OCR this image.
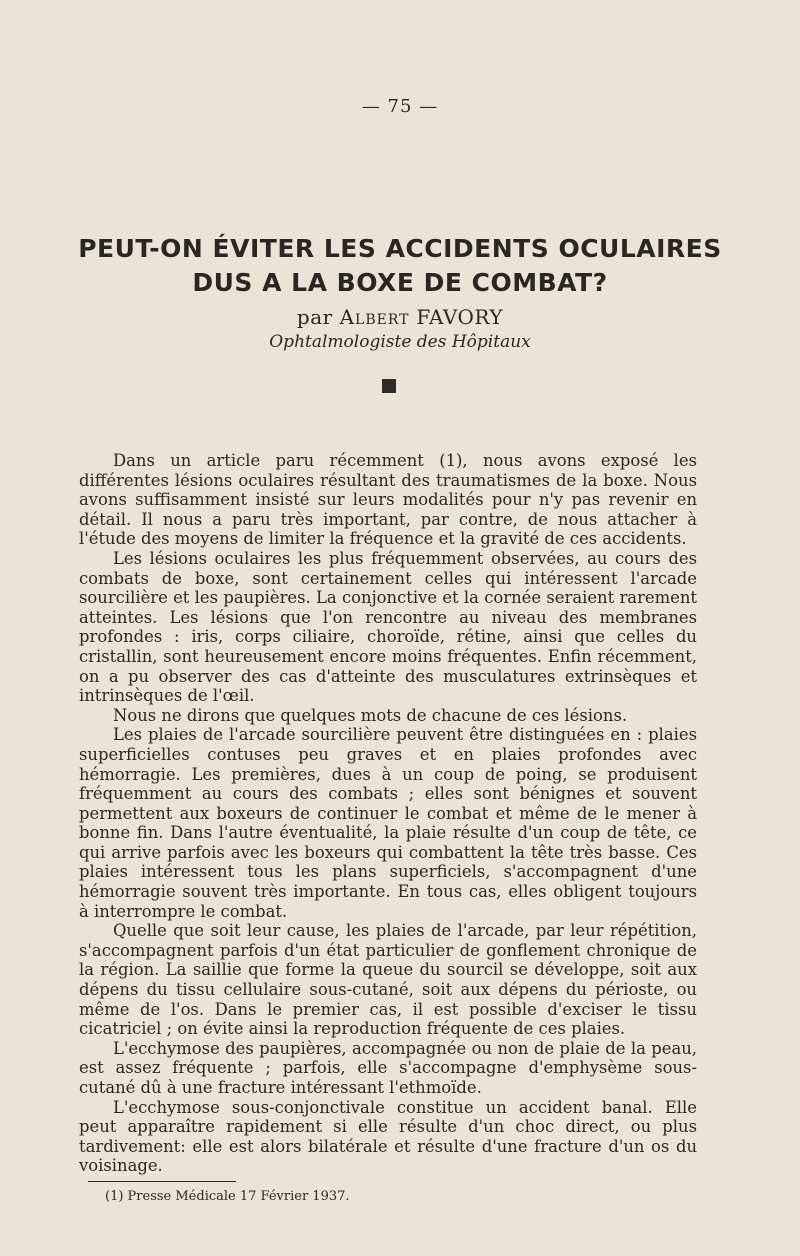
— 75 —
PEUT-ON ÉVITER LES ACCIDENTS OCULAIRES
DUS A LA BOXE DE COMBAT?
par Albert FAVORY
Ophtalmologiste des Hôpitaux

Dans un article paru récemment (1), nous avons exposé les différentes lésions oculaires résultant des traumatismes de la boxe. Nous avons suffisamment insisté sur leurs modalités pour n'y pas revenir en détail. Il nous a paru très important, par contre, de nous attacher à l'étude des moyens de limiter la fréquence et la gravité de ces accidents.

Les lésions oculaires les plus fréquemment observées, au cours des combats de boxe, sont certainement celles qui intéressent l'arcade sourcilière et les paupières. La conjonctive et la cornée seraient rarement atteintes. Les lésions que l'on rencontre au niveau des membranes profondes : iris, corps ciliaire, choroïde, rétine, ainsi que celles du cristallin, sont heureusement encore moins fréquentes. Enfin récemment, on a pu observer des cas d'atteinte des musculatures extrinsèques et intrinsèques de l'œil.

Nous ne dirons que quelques mots de chacune de ces lésions.

Les plaies de l'arcade sourcilière peuvent être distinguées en : plaies superficielles contuses peu graves et en plaies profondes avec hémorragie. Les premières, dues à un coup de poing, se produisent fréquemment au cours des combats ; elles sont bénignes et souvent permettent aux boxeurs de continuer le combat et même de le mener à bonne fin. Dans l'autre éventualité, la plaie résulte d'un coup de tête, ce qui arrive parfois avec les boxeurs qui combattent la tête très basse. Ces plaies intéressent tous les plans superficiels, s'accompagnent d'une hémorragie souvent très importante. En tous cas, elles obligent toujours à interrompre le combat.

Quelle que soit leur cause, les plaies de l'arcade, par leur répétition, s'accompagnent parfois d'un état particulier de gonflement chronique de la région. La saillie que forme la queue du sourcil se développe, soit aux dépens du tissu cellulaire sous-cutané, soit aux dépens du périoste, ou même de l'os. Dans le premier cas, il est possible d'exciser le tissu cicatriciel ; on évite ainsi la reproduction fréquente de ces plaies.

L'ecchymose des paupières, accompagnée ou non de plaie de la peau, est assez fréquente ; parfois, elle s'accompagne d'emphysème sous-cutané dû à une fracture intéressant l'ethmoïde.

L'ecchymose sous-conjonctivale constitue un accident banal. Elle peut apparaître rapidement si elle résulte d'un choc direct, ou plus tardivement: elle est alors bilatérale et résulte d'une fracture d'un os du voisinage.

(1) Presse Médicale 17 Février 1937.
